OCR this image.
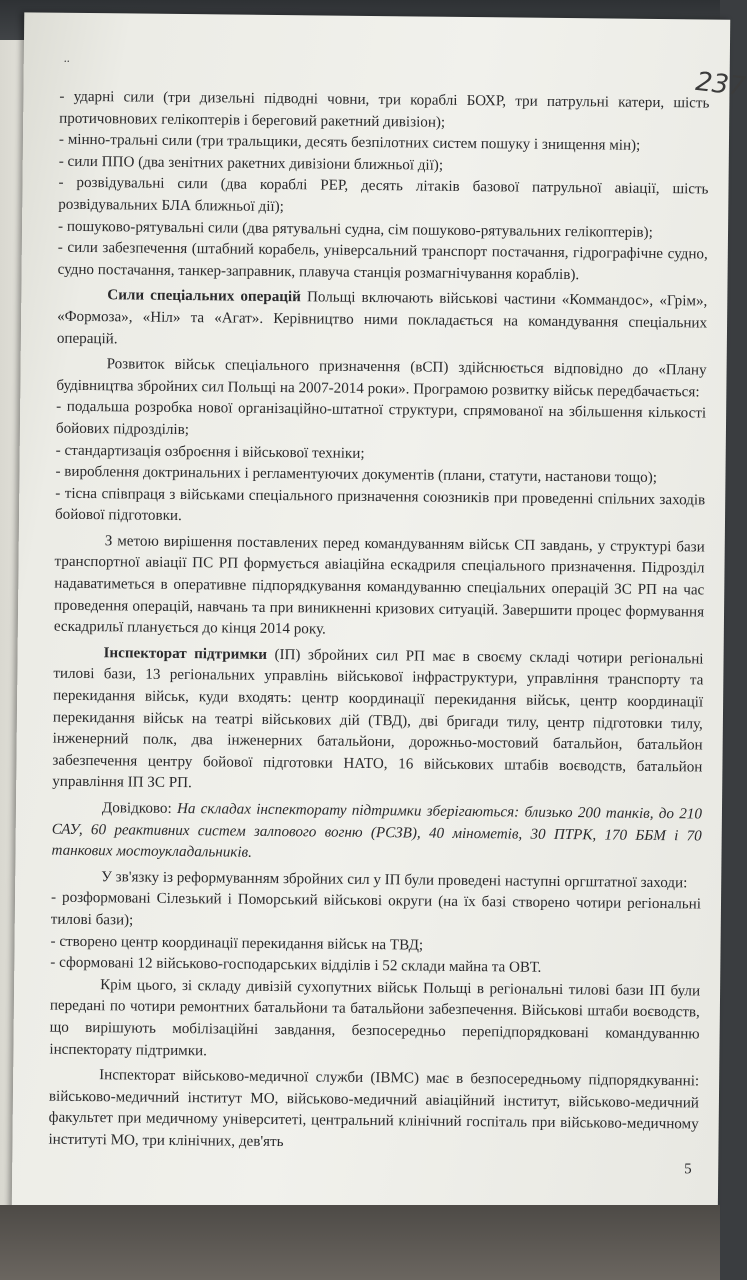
..
237

- ударні сили (три дизельні підводні човни, три кораблі БОХР, три патрульні катери, шість протичовнових гелікоптерів і береговий ракетний дивізіон);

- мінно-тральні сили (три тральщики, десять безпілотних систем пошуку і знищення мін);

- сили ППО (два зенітних ракетних дивізіони ближньої дії);

- розвідувальні сили (два кораблі РЕР, десять літаків базової патрульної авіації, шість розвідувальних БЛА ближньої дії);

- пошуково-рятувальні сили (два рятувальні судна, сім пошуково-рятувальних гелікоптерів);

- сили забезпечення (штабний корабель, універсальний транспорт постачання, гідрографічне судно, судно постачання, танкер-заправник, плавуча станція розмагнічування кораблів).

Сили спеціальних операцій Польщі включають військові частини «Коммандос», «Грім», «Формоза», «Ніл» та «Агат». Керівництво ними покладається на командування спеціальних операцій.

Розвиток військ спеціального призначення (вСП) здійснюється відповідно до «Плану будівництва збройних сил Польщі на 2007-2014 роки». Програмою розвитку військ передбачається:

- подальша розробка нової організаційно-штатної структури, спрямованої на збільшення кількості бойових підрозділів;

- стандартизація озброєння і військової техніки;

- вироблення доктринальних і регламентуючих документів (плани, статути, настанови тощо);

- тісна співпраця з військами спеціального призначення союзників при проведенні спільних заходів бойової підготовки.

З метою вирішення поставлених перед командуванням військ СП завдань, у структурі бази транспортної авіації ПС РП формується авіаційна ескадриля спеціального призначення. Підрозділ надаватиметься в оперативне підпорядкування командуванню спеціальних операцій ЗС РП на час проведення операцій, навчань та при виникненні кризових ситуацій. Завершити процес формування ескадрильї планується до кінця 2014 року.

Інспекторат підтримки (ІП) збройних сил РП має в своєму складі чотири регіональні тилові бази, 13 регіональних управлінь військової інфраструктури, управління транспорту та перекидання військ, куди входять: центр координації перекидання військ, центр координації перекидання військ на театрі військових дій (ТВД), дві бригади тилу, центр підготовки тилу, інженерний полк, два інженерних батальйони, дорожньо-мостовий батальйон, батальйон забезпечення центру бойової підготовки НАТО, 16 військових штабів воєводств, батальйон управління ІП ЗС РП.

Довідково: На складах інспекторату підтримки зберігаються: близько 200 танків, до 210 САУ, 60 реактивних систем залпового вогню (РСЗВ), 40 мінометів, 30 ПТРК, 170 ББМ і 70 танкових мостоукладальників.

У зв'язку із реформуванням збройних сил у ІП були проведені наступні оргштатної заходи:

- розформовані Сілезький і Поморський військові округи (на їх базі створено чотири регіональні тилові бази);

- створено центр координації перекидання військ на ТВД;

- сформовані 12 військово-господарських відділів і 52 склади майна та ОВТ.

Крім цього, зі складу дивізій сухопутних військ Польщі в регіональні тилові бази ІП були передані по чотири ремонтних батальйони та батальйони забезпечення. Військові штаби воєводств, що вирішують мобілізаційні завдання, безпосередньо перепідпорядковані командуванню інспекторату підтримки.

Інспекторат військово-медичної служби (ІВМС) має в безпосередньому підпорядкуванні: військово-медичний інститут МО, військово-медичний авіаційний інститут, військово-медичний факультет при медичному університеті, центральний клінічний госпіталь при військово-медичному інституті МО, три клінічних, дев'ять

5
